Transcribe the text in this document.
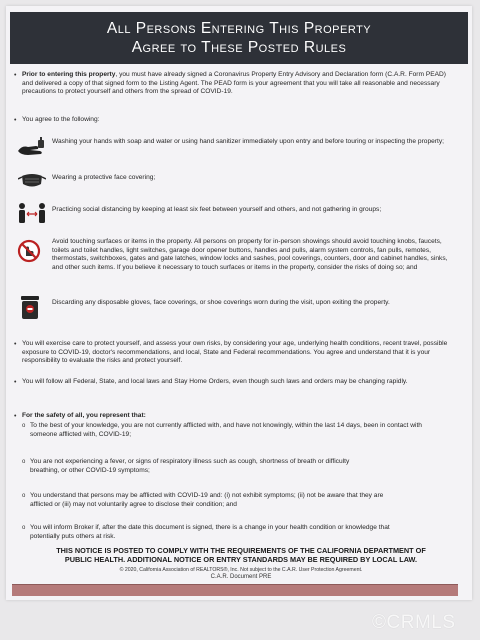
All Persons Entering This Property
Agree to These Posted Rules
• Prior to entering this property, you must have already signed a Coronavirus Property Entry Advisory and Declaration form (C.A.R. Form PEAD) and delivered a copy of that signed form to the Listing Agent. The PEAD form is your agreement that you will take all reasonable and necessary precautions to protect yourself and others from the spread of COVID-19.
• You agree to the following:
Washing your hands with soap and water or using hand sanitizer immediately upon entry and before touring or inspecting the property;
Wearing a protective face covering;
Practicing social distancing by keeping at least six feet between yourself and others, and not gathering in groups;
Avoid touching surfaces or items in the property. All persons on property for in-person showings should avoid touching knobs, faucets, toilets and toilet handles, light switches, garage door opener buttons, handles and pulls, alarm system controls, fan pulls, remotes, thermostats, switchboxes, gates and gate latches, window locks and sashes, pool coverings, counters, door and cabinet handles, sinks, and other such items. If you believe it necessary to touch surfaces or items in the property, consider the risks of doing so; and
Discarding any disposable gloves, face coverings, or shoe coverings worn during the visit, upon exiting the property.
• You will exercise care to protect yourself, and assess your own risks, by considering your age, underlying health conditions, recent travel, possible exposure to COVID-19, doctor's recommendations, and local, State and Federal recommendations. You agree and understand that it is your responsibility to evaluate the risks and protect yourself.
• You will follow all Federal, State, and local laws and Stay Home Orders, even though such laws and orders may be changing rapidly.
• For the safety of all, you represent that:
o To the best of your knowledge, you are not currently afflicted with, and have not knowingly, within the last 14 days, been in contact with someone afflicted with, COVID-19;
o You are not experiencing a fever, or signs of respiratory illness such as cough, shortness of breath or difficulty breathing, or other COVID-19 symptoms;
o You understand that persons may be afflicted with COVID-19 and: (i) not exhibit symptoms; (ii) not be aware that they are afflicted or (iii) may not voluntarily agree to disclose their condition; and
o You will inform Broker if, after the date this document is signed, there is a change in your health condition or knowledge that potentially puts others at risk.
THIS NOTICE IS POSTED TO COMPLY WITH THE REQUIREMENTS OF THE CALIFORNIA DEPARTMENT OF
PUBLIC HEALTH. ADDITIONAL NOTICE OR ENTRY STANDARDS MAY BE REQUIRED BY LOCAL LAW.
© 2020, California Association of REALTORS®, Inc. Not subject to the C.A.R. User Protection Agreement.
C.A.R. Document PRE
©CRMLS
